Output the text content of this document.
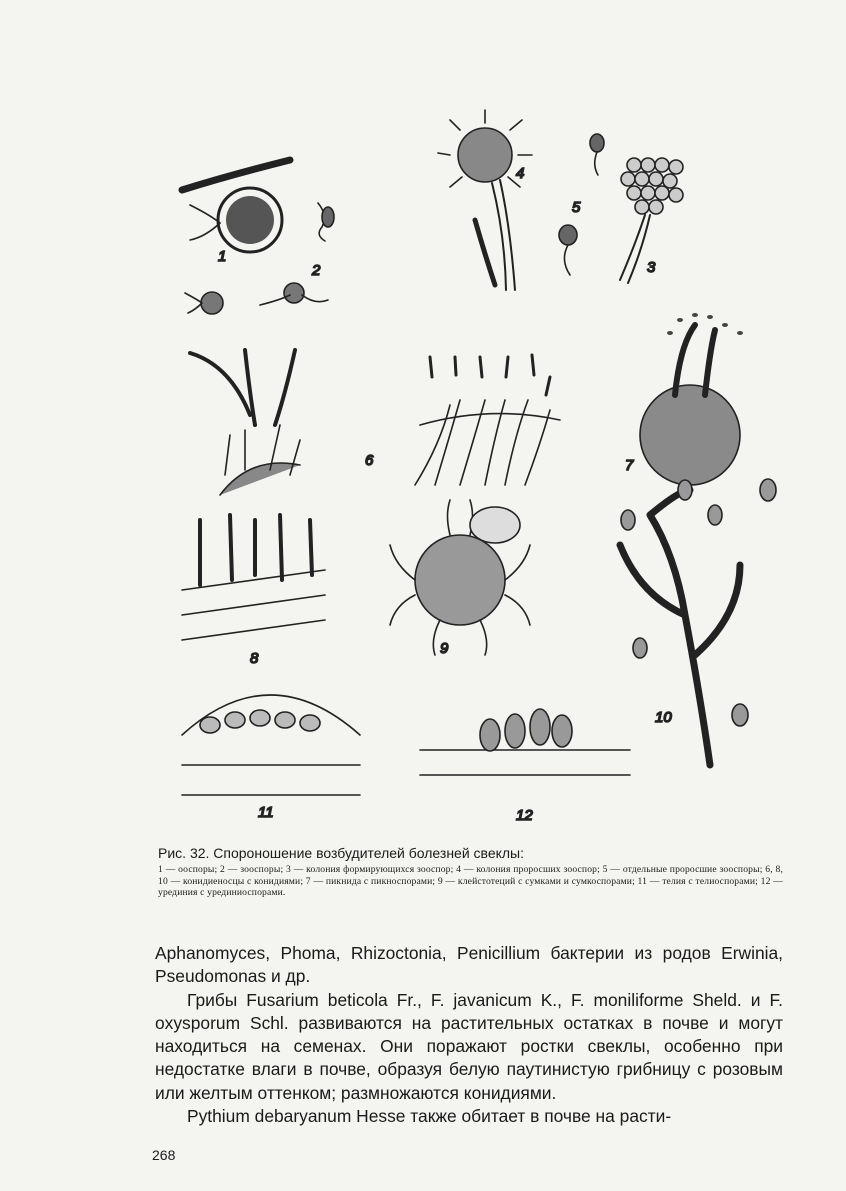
1
2	3
4
5
6	7
8
9
10
11	12

Рис. 32. Спороношение возбудителей болезней свеклы:

1 — ооспоры; 2 — зооспоры; 3 — колония формирующихся зооспор; 4 — колония проросших зооспор; 5 — отдельные проросшие зооспоры; 6, 8, 10 — конидиеносцы с конидиями; 7 — пикнида с пикноспорами; 9 — клейстотеций с сумками и сумкоспорами; 11 — телия с телиоспорами; 12 — урединия с урединиоспорами.

Aphanomyces, Phoma, Rhizoctonia, Penicillium бактерии из родов Erwinia, Pseudomonas и др.

Грибы Fusarium beticola Fr., F. javanicum K., F. moniliforme Sheld. и F. oxysporum Schl. развиваются на растительных остатках в почве и могут находиться на семенах. Они поражают ростки свеклы, особенно при недостатке влаги в почве, образуя белую паутинистую грибницу с розовым или желтым оттенком; размножаются конидиями.

Pythium debaryanum Hesse также обитает в почве на расти-

268
